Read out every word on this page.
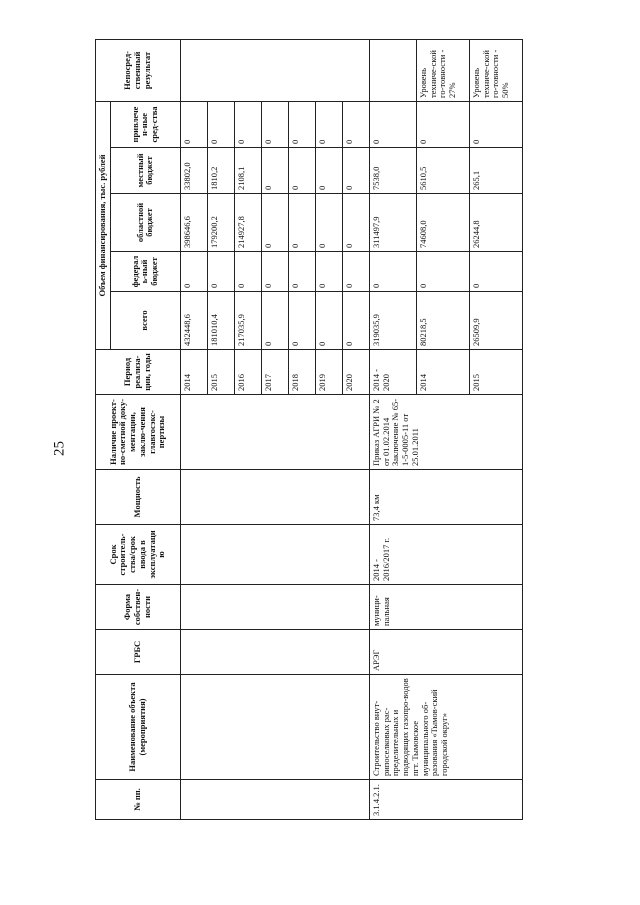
25
№ пп.	Наименование объекта (мероприятия)	ГРБС	Форма собствен-ности	Срок строитель-ства/срок ввода в эксплуатацию	Мощность	Наличие проект-но-сметной доку-ментации, заклю-чения главгосэкс-пертизы	Период реализа-ции, годы	Объем финансирования, тыс. рублей					Непосред-ственный результат
								всего	федераль-ный бюджет	областной бюджет	местный бюджет	привлечен-ные сред-ства	
							2014	432448,6	0	398646,6	33802,0	0	
							2015	181010,4	0	179200,2	1810,2	0	
							2016	217035,9	0	214927,8	2108,1	0	
							2017	0	0	0	0	0	
							2018	0	0	0	0	0	
							2019	0	0	0	0	0	
							2020	0	0	0	0	0	
3.1.4.2.1.	Строительство внут-рипоселковых рас-пределительных и подводящих газопро-водов пгт. Тымовское муниципального об-разования «Тымов-ский городской округ»	АРЭГ	муници-пальная	2014 - 2016/2017 г.	73,4 км	Приказ АГРИ № 2 от 01.02.2014 Заключение № 65-1-5-0005-11 от 25.01.2011	2014 - 2020	319035,9	0	311497,9	7538,0	0	
							2014	80218,5	0	74608,0	5610,5	0	Уровень техниче-ской го-товности - 27%
							2015	26509,9	0	26244,8	265,1	0	Уровень техниче-ской го-товности - 50%
